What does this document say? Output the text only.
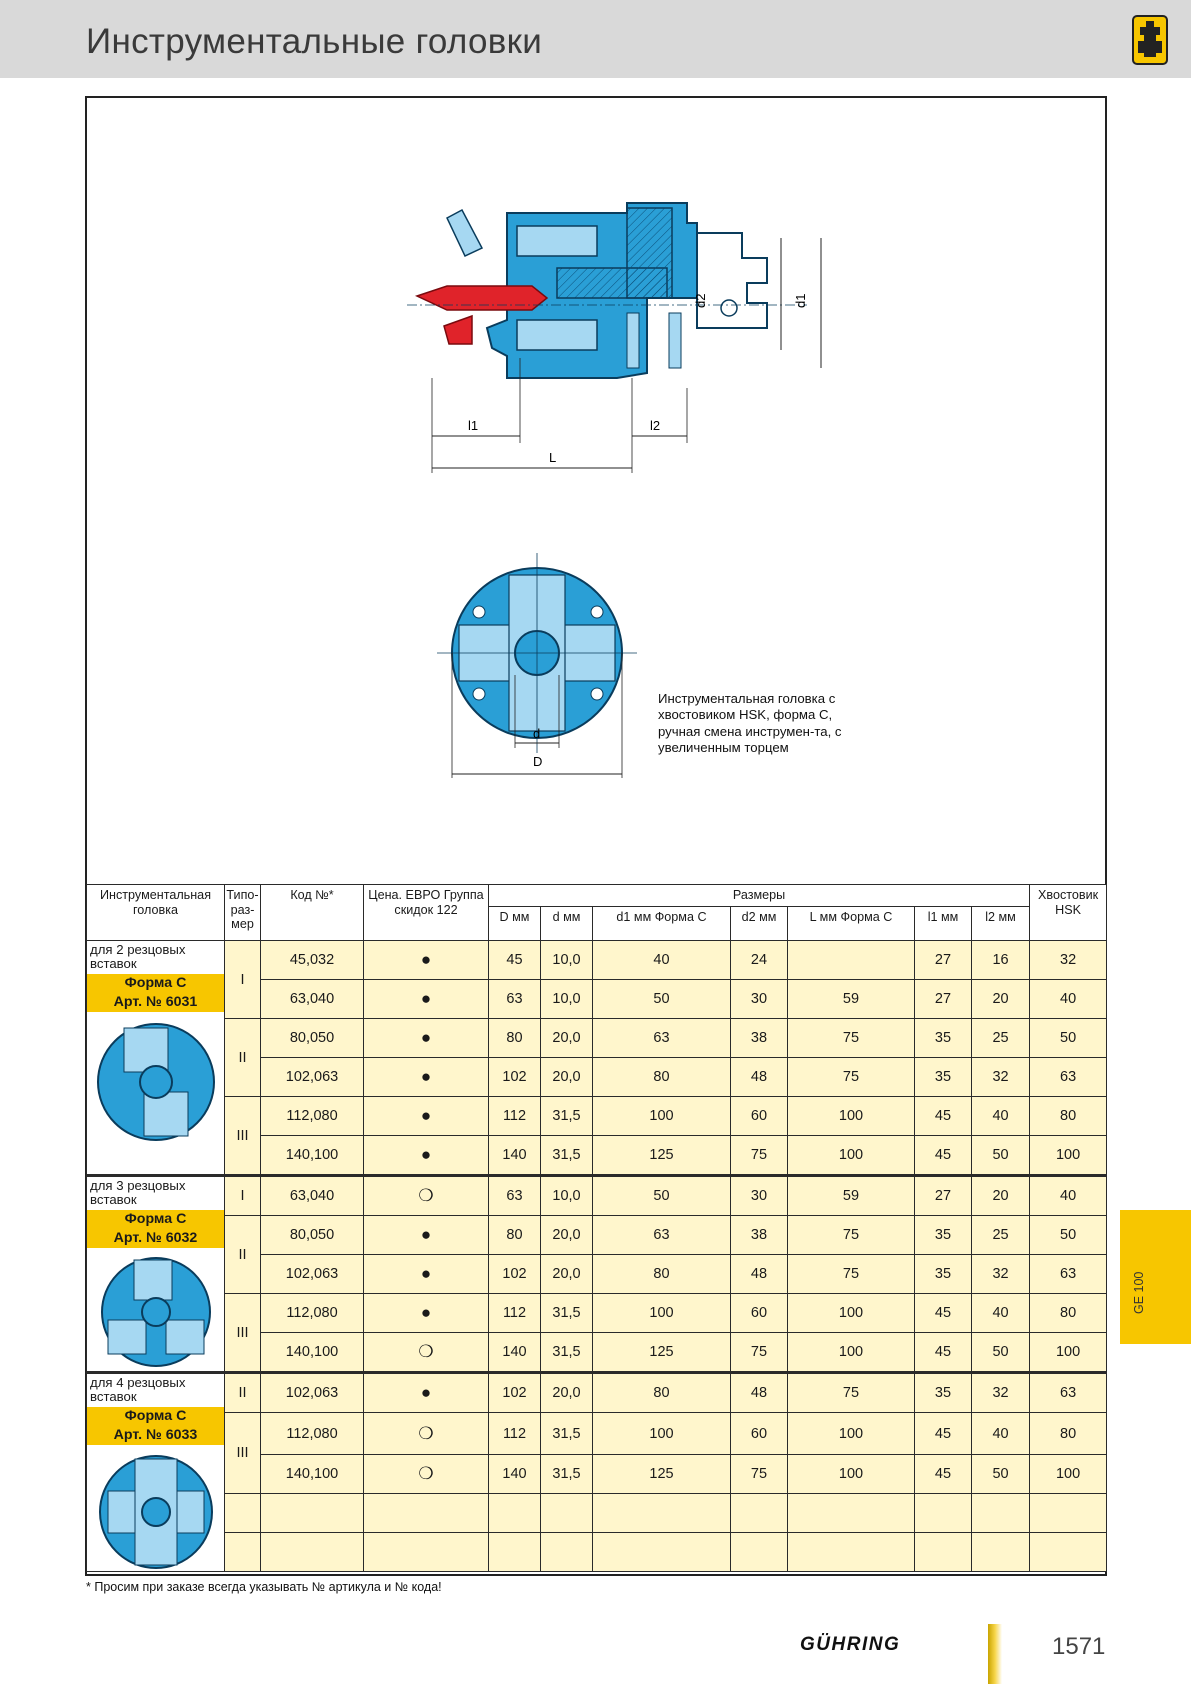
Инструментальные головки
d2	d1
l1	l2
L
d
D
Инструментальная головка с хвостовиком HSK, форма C, ручная смена инструмен-та, с увеличенным торцем
Инструментальная головка	Типо-раз-мер	Код №*	Цена. ЕВРО Группа скидок 122	Размеры							Хвостовик HSK
				D мм	d мм	d1 мм Форма С	d2 мм	L мм Форма С	l1 мм	l2 мм	

для 2 резцовых вставок
Форма С
Арт. № 6031	I	45,032	●	45	10,0	40	24		27	16	32
		63,040	●	63	10,0	50	30	59	27	20	40
	II	80,050	●	80	20,0	63	38	75	35	25	50
		102,063	●	102	20,0	80	48	75	35	32	63
	III	112,080	●	112	31,5	100	60	100	45	40	80
		140,100	●	140	31,5	125	75	100	45	50	100

для 3 резцовых вставок
Форма С
Арт. № 6032	I	63,040	❍	63	10,0	50	30	59	27	20	40
	II	80,050	●	80	20,0	63	38	75	35	25	50
		102,063	●	102	20,0	80	48	75	35	32	63
	III	112,080	●	112	31,5	100	60	100	45	40	80
		140,100	❍	140	31,5	125	75	100	45	50	100

для 4 резцовых вставок
Форма С
Арт. № 6033	II	102,063	●	102	20,0	80	48	75	35	32	63
	III	112,080	❍	112	31,5	100	60	100	45	40	80
		140,100	❍	140	31,5	125	75	100	45	50	100

* Просим при заказе всегда указывать № артикула и № кода!
GE 100
GÜHRING	1571
